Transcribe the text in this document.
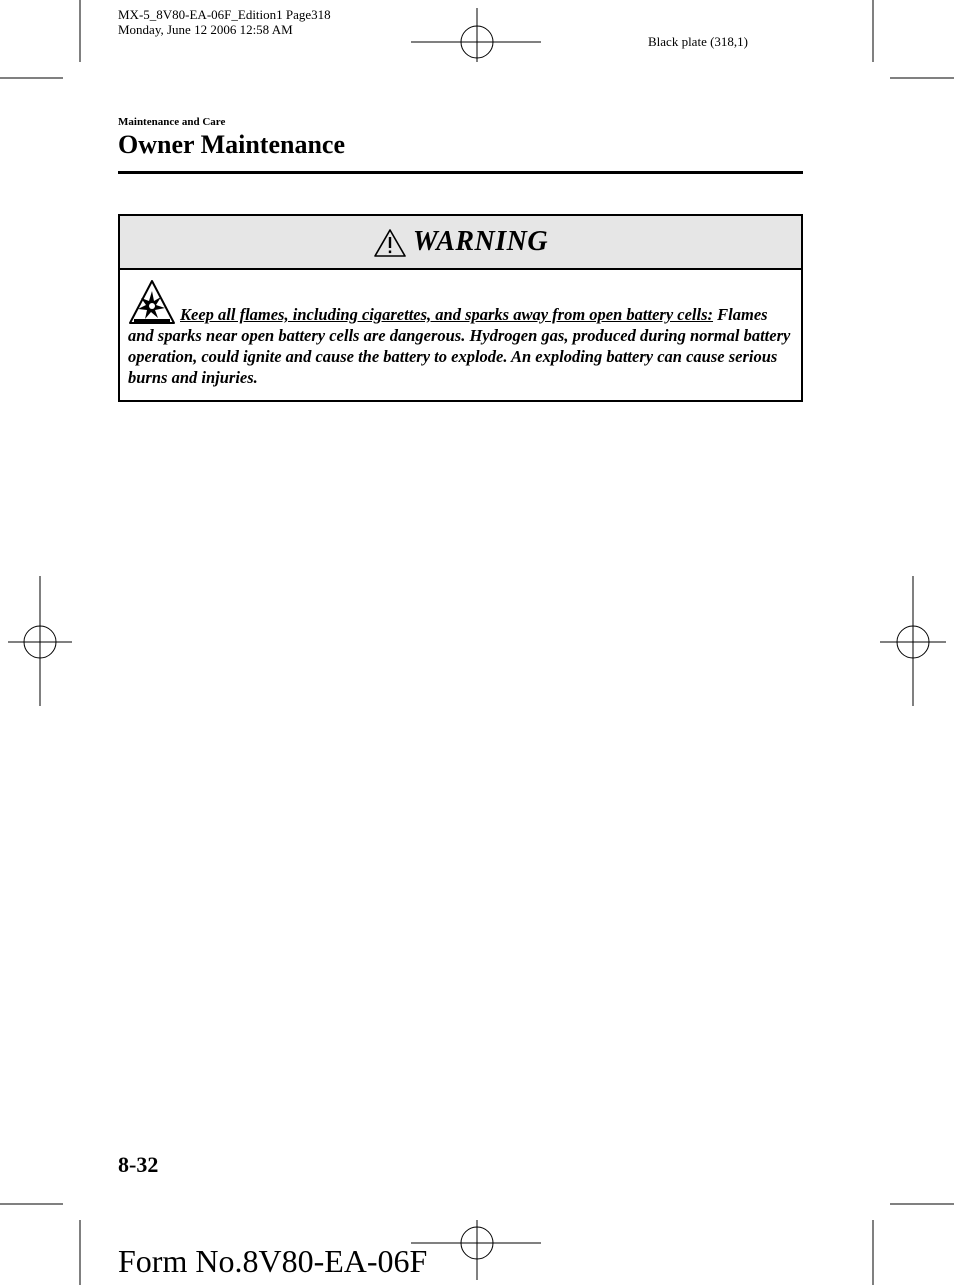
MX-5_8V80-EA-06F_Edition1 Page318
Monday, June 12 2006 12:58 AM
Black plate (318,1)
Maintenance and Care
Owner Maintenance
WARNING
Keep all flames, including cigarettes, and sparks away from open battery cells: Flames and sparks near open battery cells are dangerous. Hydrogen gas, produced during normal battery operation, could ignite and cause the battery to explode. An exploding battery can cause serious burns and injuries.
8-32
Form No.8V80-EA-06F
